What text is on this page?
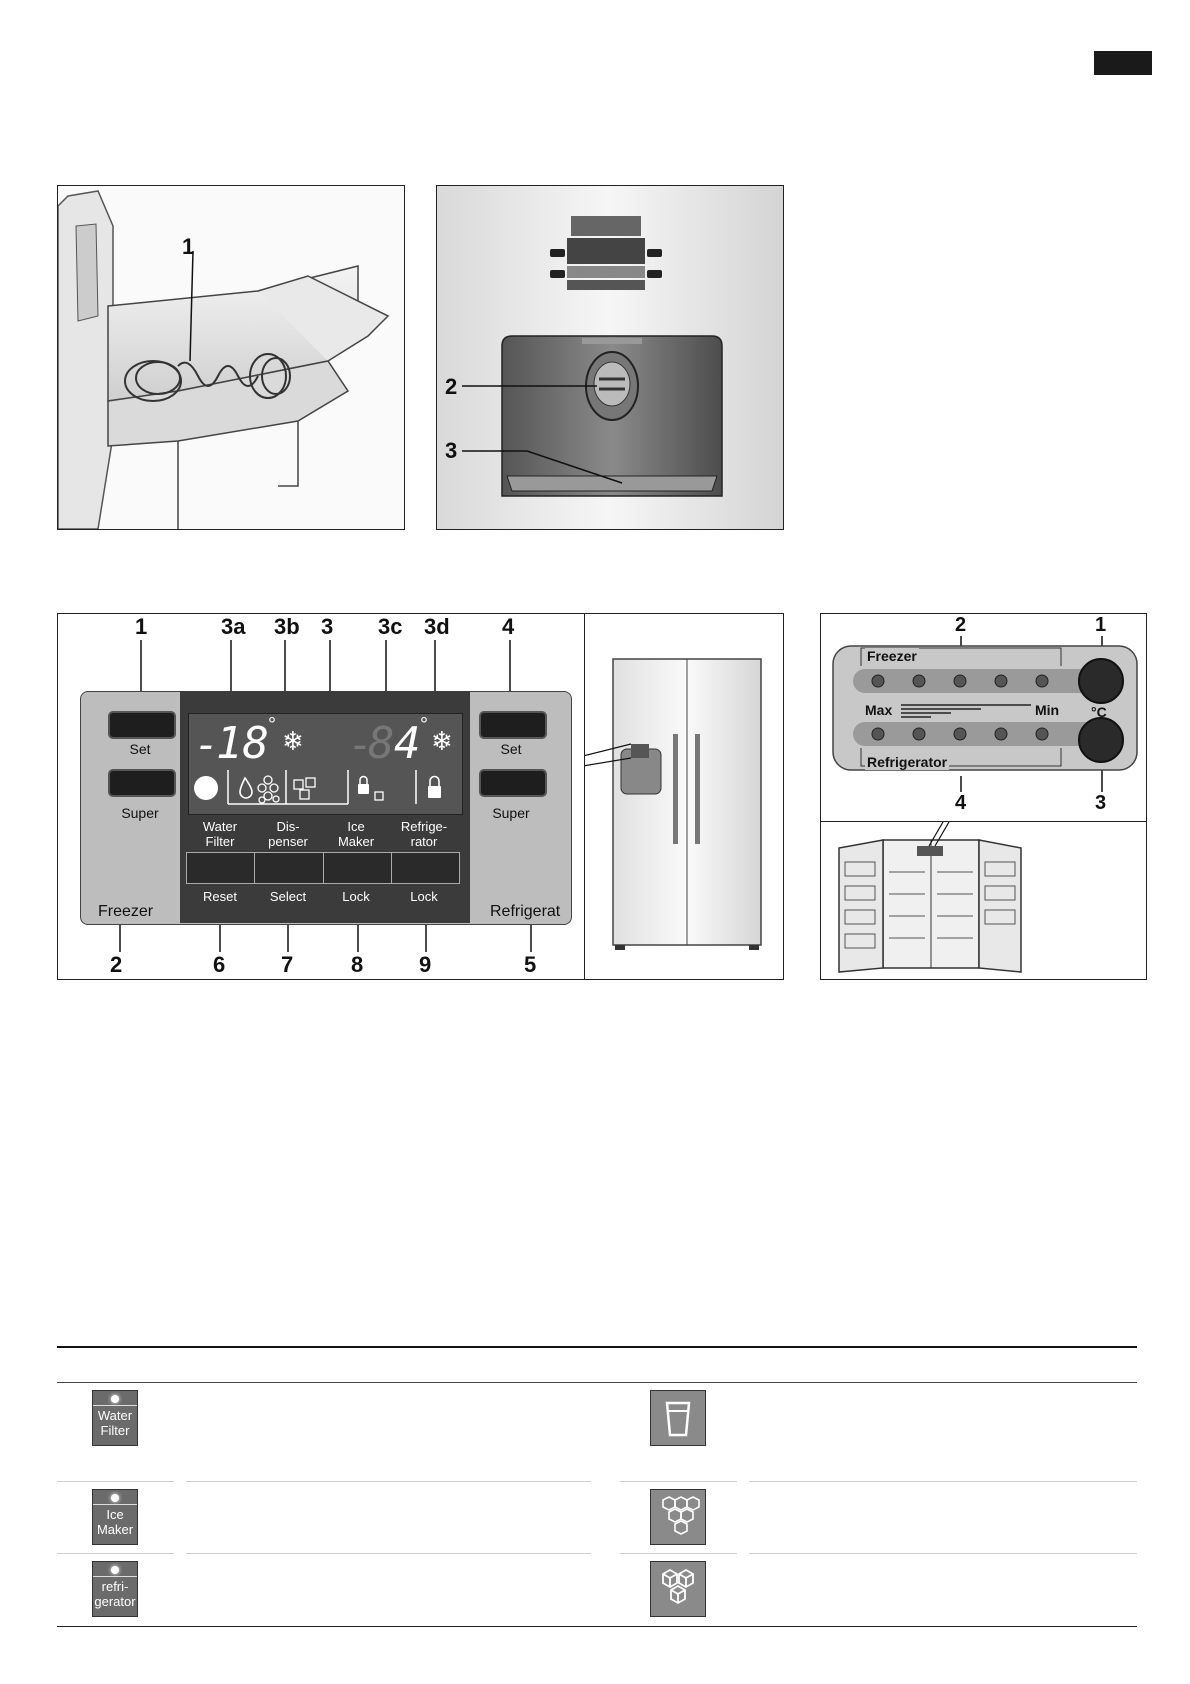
1
2
3
1	3a 3b 3 3c 3d 4
-
18 °
❄ -
8 4 °
❄
Set
Super
Freezer
Set
Super
Refrigerat
Water
Filter
Dis-
penser
Ice
Maker
Refrige-
rator
Reset	Select	Lock	Lock
2	6	7	8	9	5
2	1
Freezer
Max	Min °C
Refrigerator
4	3
Water
Filter
Ice
Maker
refri-
gerator
